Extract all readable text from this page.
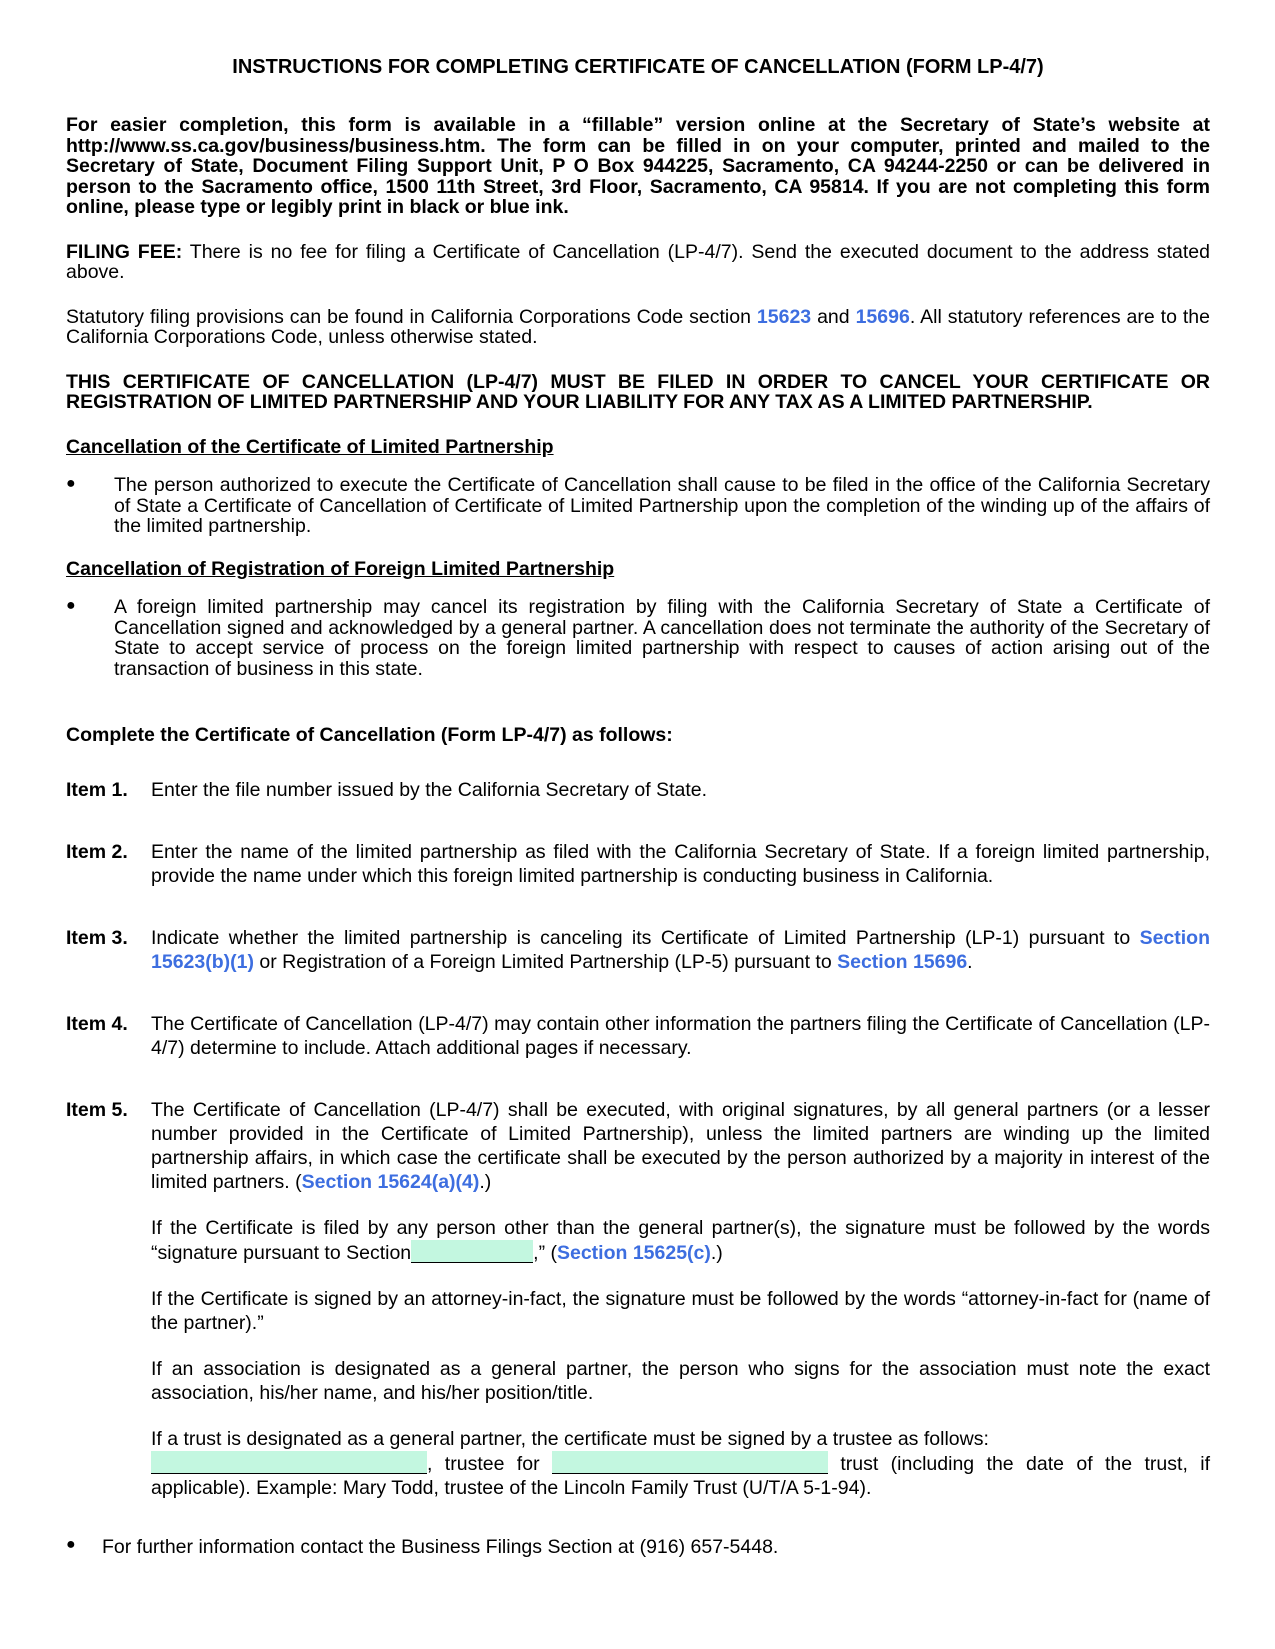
INSTRUCTIONS FOR COMPLETING CERTIFICATE OF CANCELLATION (FORM LP-4/7)

For easier completion, this form is available in a “fillable” version online at the Secretary of State’s website at http://www.ss.ca.gov/business/business.htm. The form can be filled in on your computer, printed and mailed to the Secretary of State, Document Filing Support Unit, P O Box 944225, Sacramento, CA 94244-2250 or can be delivered in person to the Sacramento office, 1500 11th Street, 3rd Floor, Sacramento, CA 95814. If you are not completing this form online, please type or legibly print in black or blue ink.

FILING FEE: There is no fee for filing a Certificate of Cancellation (LP-4/7). Send the executed document to the address stated above.

Statutory filing provisions can be found in California Corporations Code section 15623 and 15696. All statutory references are to the California Corporations Code, unless otherwise stated.

THIS CERTIFICATE OF CANCELLATION (LP-4/7) MUST BE FILED IN ORDER TO CANCEL YOUR CERTIFICATE OR REGISTRATION OF LIMITED PARTNERSHIP AND YOUR LIABILITY FOR ANY TAX AS A LIMITED PARTNERSHIP.

Cancellation of the Certificate of Limited Partnership

●	The person authorized to execute the Certificate of Cancellation shall cause to be filed in the office of the California Secretary of State a Certificate of Cancellation of Certificate of Limited Partnership upon the completion of the winding up of the affairs of the limited partnership.

Cancellation of Registration of Foreign Limited Partnership

●	A foreign limited partnership may cancel its registration by filing with the California Secretary of State a Certificate of Cancellation signed and acknowledged by a general partner. A cancellation does not terminate the authority of the Secretary of State to accept service of process on the foreign limited partnership with respect to causes of action arising out of the transaction of business in this state.

Complete the Certificate of Cancellation (Form LP-4/7) as follows:

Item 1.	Enter the file number issued by the California Secretary of State.

Item 2.	Enter the name of the limited partnership as filed with the California Secretary of State. If a foreign limited partnership, provide the name under which this foreign limited partnership is conducting business in California.

Item 3.	Indicate whether the limited partnership is canceling its Certificate of Limited Partnership (LP-1) pursuant to Section 15623(b)(1) or Registration of a Foreign Limited Partnership (LP-5) pursuant to Section 15696.

Item 4.	The Certificate of Cancellation (LP-4/7) may contain other information the partners filing the Certificate of Cancellation (LP-4/7) determine to include. Attach additional pages if necessary.

Item 5.	The Certificate of Cancellation (LP-4/7) shall be executed, with original signatures, by all general partners (or a lesser number provided in the Certificate of Limited Partnership), unless the limited partners are winding up the limited partnership affairs, in which case the certificate shall be executed by the person authorized by a majority in interest of the limited partners. (Section 15624(a)(4).)

If the Certificate is filed by any person other than the general partner(s), the signature must be followed by the words “signature pursuant to Section	,” (Section 15625(c).)

If the Certificate is signed by an attorney-in-fact, the signature must be followed by the words “attorney-in-fact for (name of the partner).”

If an association is designated as a general partner, the person who signs for the association must note the exact association, his/her name, and his/her position/title.

If a trust is designated as a general partner, the certificate must be signed by a trustee as follows:
, trustee for	trust (including the date of the trust, if applicable). Example: Mary Todd, trustee of the Lincoln Family Trust (U/T/A 5-1-94).

●	For further information contact the Business Filings Section at (916) 657-5448.
